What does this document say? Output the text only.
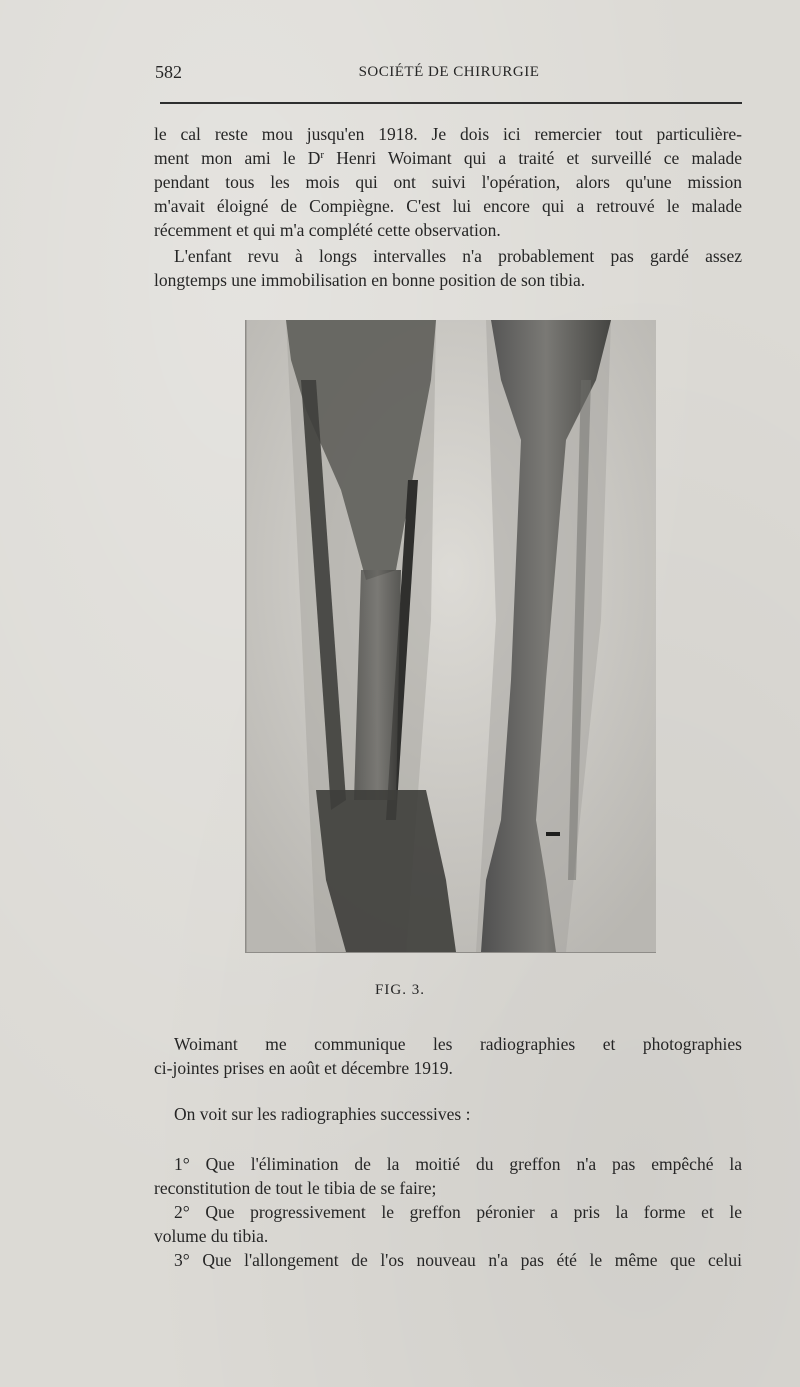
582	SOCIÉTÉ DE CHIRURGIE
le cal reste mou jusqu'en 1918. Je dois ici remercier tout particulière-
ment mon ami le $D^r$ Henri Woimant qui a traité et surveillé ce malade
pendant tous les mois qui ont suivi l'opération, alors qu'une mission
m'avait éloigné de Compiègne. C'est lui encore qui a retrouvé le malade
récemment et qui m'a complété cette observation.
L'enfant revu à longs intervalles n'a probablement pas gardé assez
longtemps une immobilisation en bonne position de son tibia.
FIG. 3.
Woimant me communique les radiographies et photographies
ci-jointes prises en août et décembre 1919.
On voit sur les radiographies successives :
1° Que l'élimination de la moitié du greffon n'a pas empêché la
reconstitution de tout le tibia de se faire;
2° Que progressivement le greffon péronier a pris la forme et le
volume du tibia.
3° Que l'allongement de l'os nouveau n'a pas été le même que celui
